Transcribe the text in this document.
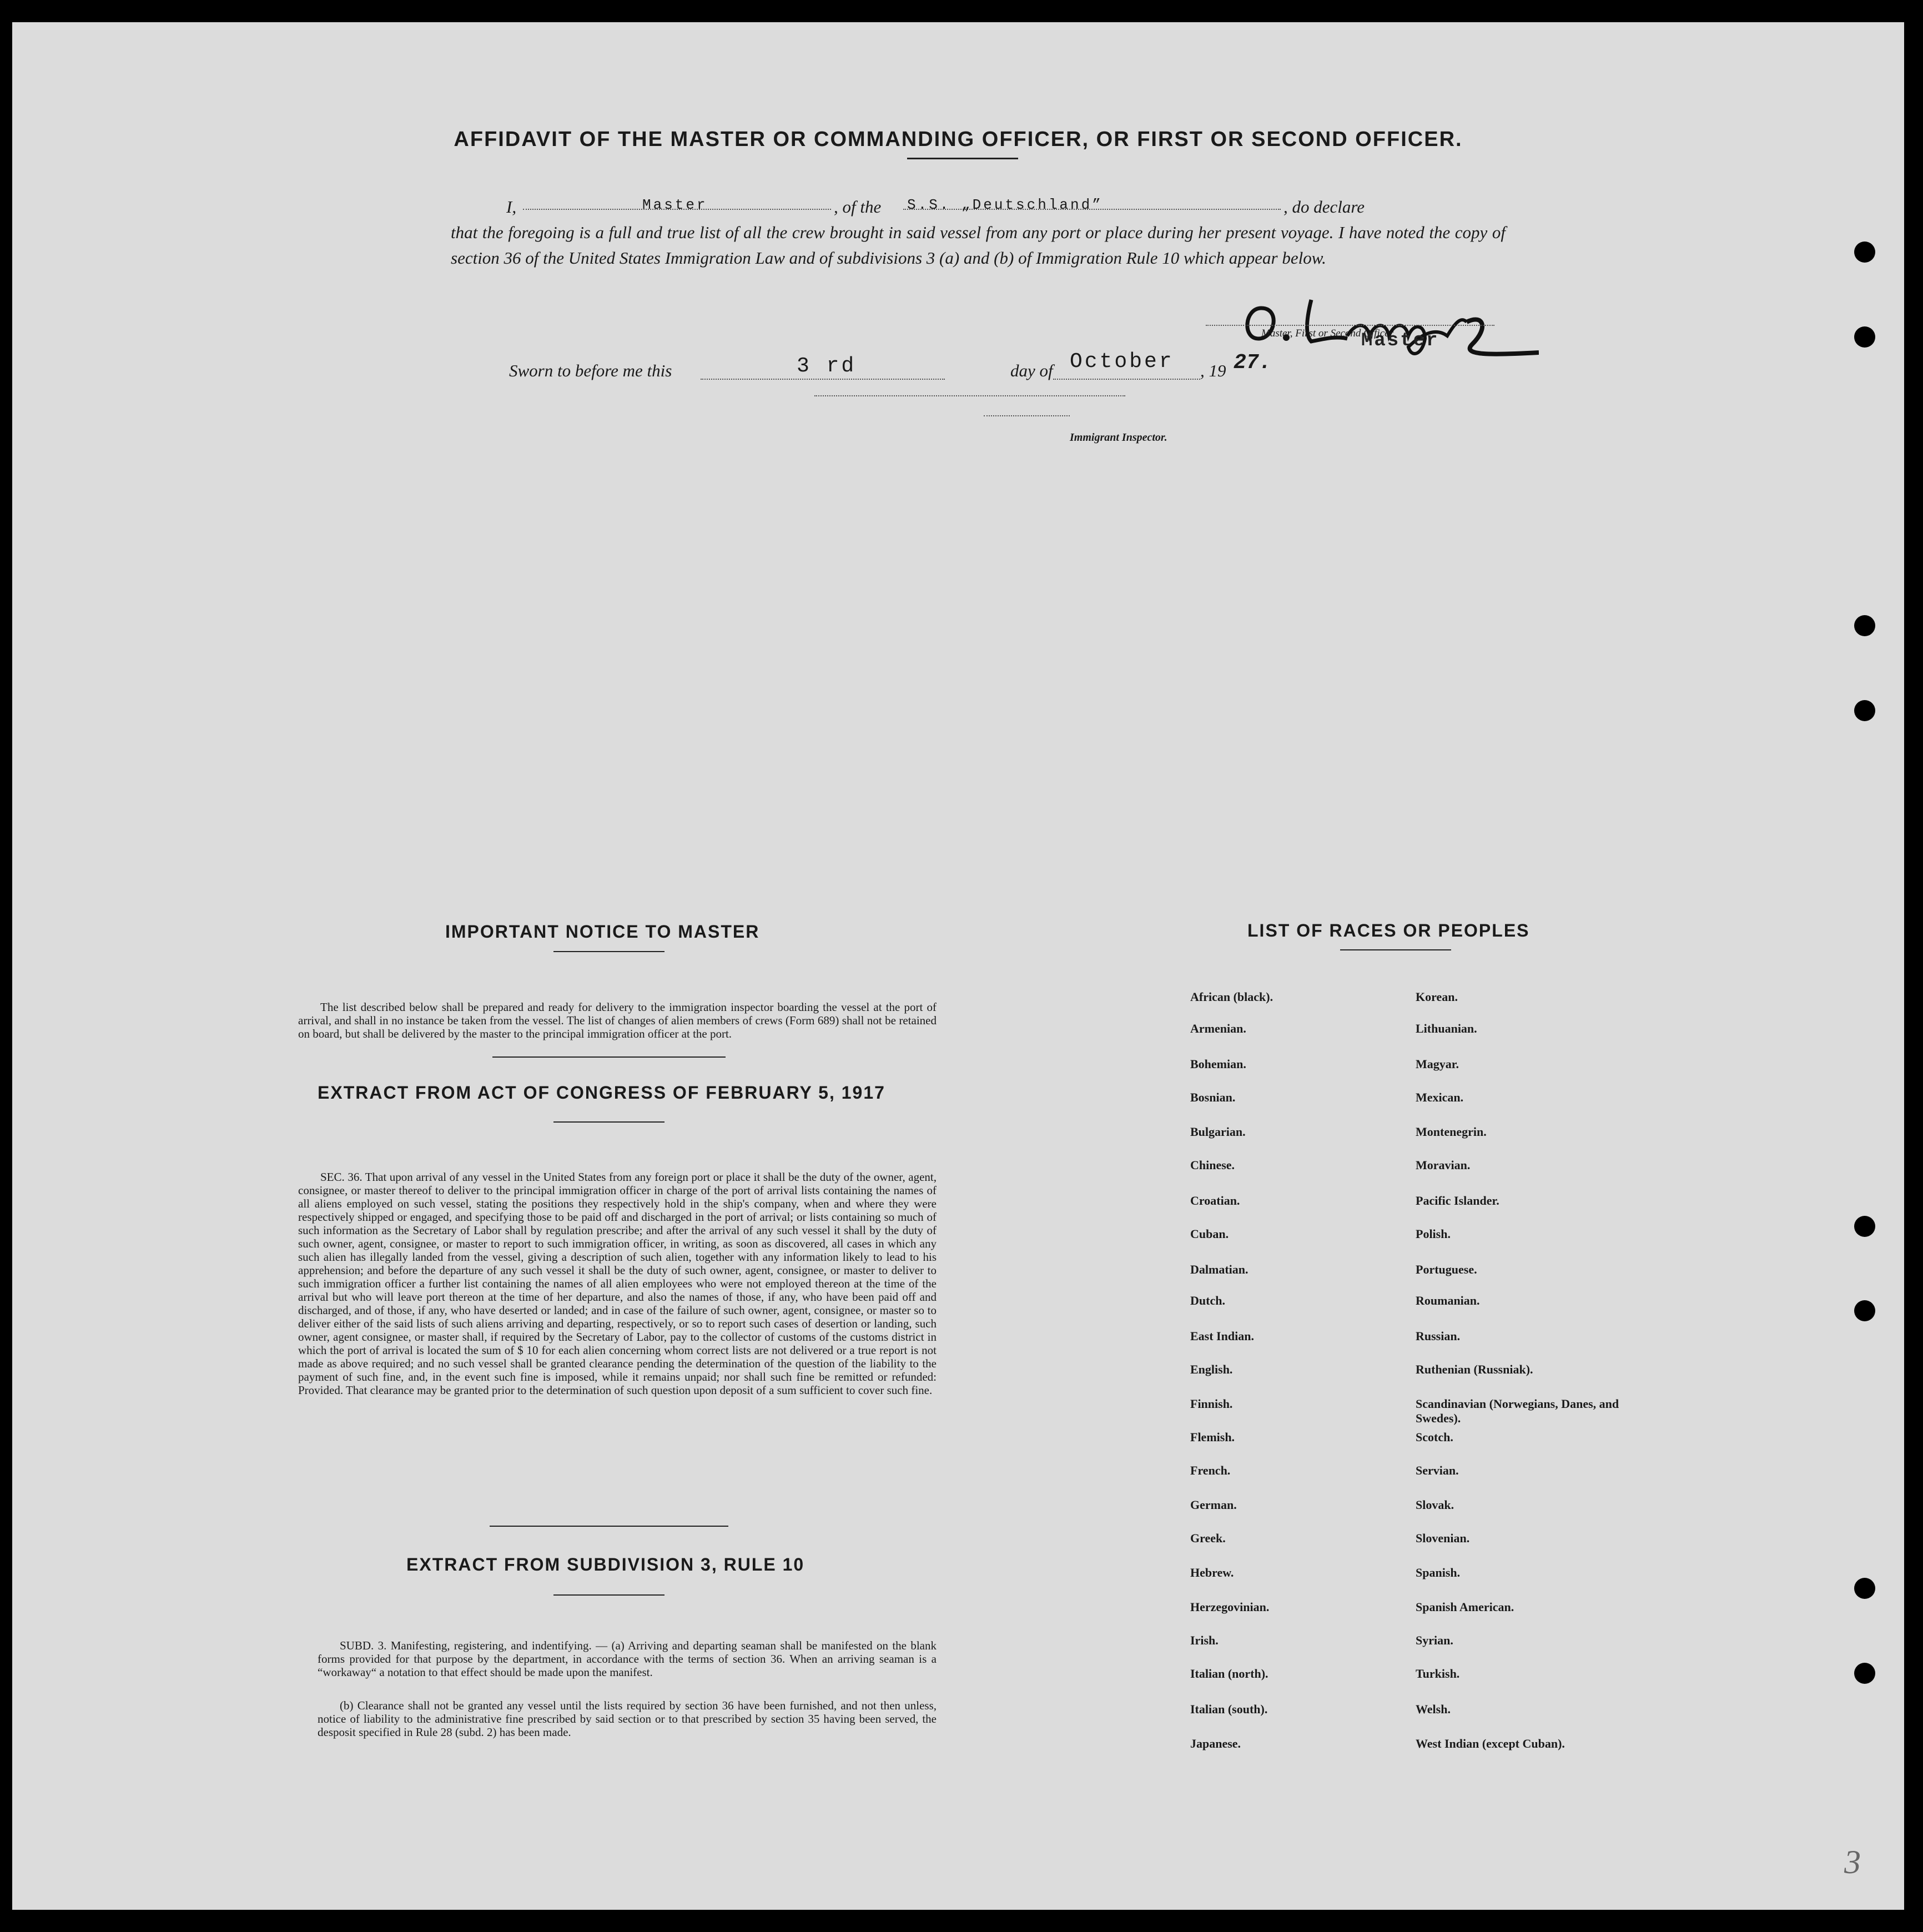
AFFIDAVIT OF THE MASTER OR COMMANDING OFFICER, OR FIRST OR SECOND OFFICER.
I,	Master	, of the S.S. „Deutschland”	, do declare
that the foregoing is a full and true list of all the crew brought in said vessel from any port or place during her present voyage. I have noted the copy of section 36 of the United States Immigration Law and of subdivisions 3 (a) and (b) of Immigration Rule 10 which appear below.
Master
Master, First or Second Officer.
Sworn to before me this	3 rd	day of October , 19 27.
Immigrant Inspector.
IMPORTANT NOTICE TO MASTER
The list described below shall be prepared and ready for delivery to the immigration inspector boarding the vessel at the port of arrival, and shall in no instance be taken from the vessel. The list of changes of alien members of crews (Form 689) shall not be retained on board, but shall be delivered by the master to the principal immigration officer at the port.
EXTRACT FROM ACT OF CONGRESS OF FEBRUARY 5, 1917
SEC. 36. That upon arrival of any vessel in the United States from any foreign port or place it shall be the duty of the owner, agent, consignee, or master thereof to deliver to the principal immigration officer in charge of the port of arrival lists containing the names of all aliens employed on such vessel, stating the positions they respectively hold in the ship's company, when and where they were respectively shipped or engaged, and specifying those to be paid off and discharged in the port of arrival; or lists containing so much of such information as the Secretary of Labor shall by regulation prescribe; and after the arrival of any such vessel it shall by the duty of such owner, agent, consignee, or master to report to such immigration officer, in writing, as soon as discovered, all cases in which any such alien has illegally landed from the vessel, giving a description of such alien, together with any information likely to lead to his apprehension; and before the departure of any such vessel it shall be the duty of such owner, agent, consignee, or master to deliver to such immigration officer a further list containing the names of all alien employees who were not employed thereon at the time of the arrival but who will leave port thereon at the time of her departure, and also the names of those, if any, who have been paid off and discharged, and of those, if any, who have deserted or landed; and in case of the failure of such owner, agent, consignee, or master so to deliver either of the said lists of such aliens arriving and departing, respectively, or so to report such cases of desertion or landing, such owner, agent consignee, or master shall, if required by the Secretary of Labor, pay to the collector of customs of the customs district in which the port of arrival is located the sum of $ 10 for each alien concerning whom correct lists are not delivered or a true report is not made as above required; and no such vessel shall be granted clearance pending the determination of the question of the liability to the payment of such fine, and, in the event such fine is imposed, while it remains unpaid; nor shall such fine be remitted or refunded: Provided. That clearance may be granted prior to the determination of such question upon deposit of a sum sufficient to cover such fine.
EXTRACT FROM SUBDIVISION 3, RULE 10
SUBD. 3. Manifesting, registering, and indentifying. — (a) Arriving and departing seaman shall be manifested on the blank forms provided for that purpose by the department, in accordance with the terms of section 36. When an arriving seaman is a “workaway“ a notation to that effect should be made upon the manifest.
(b) Clearance shall not be granted any vessel until the lists required by section 36 have been furnished, and not then unless, notice of liability to the administrative fine prescribed by said section or to that prescribed by section 35 having been served, the desposit specified in Rule 28 (subd. 2) has been made.
LIST OF RACES OR PEOPLES
3
African (black).
Armenian.
Bohemian.
Bosnian.
Bulgarian.
Chinese.
Croatian.
Cuban.
Dalmatian.
Dutch.
East Indian.
English.
Finnish.
Flemish.
French.
German.
Greek.
Hebrew.
Herzegovinian.
Irish.
Italian (north).
Italian (south).
Japanese.
Korean.
Lithuanian.
Magyar.
Mexican.
Montenegrin.
Moravian.
Pacific Islander.
Polish.
Portuguese.
Roumanian.
Russian.
Ruthenian (Russniak).
Scandinavian (Norwegians, Danes, and Swedes).
Scotch.
Servian.
Slovak.
Slovenian.
Spanish.
Spanish American.
Syrian.
Turkish.
Welsh.
West Indian (except Cuban).
